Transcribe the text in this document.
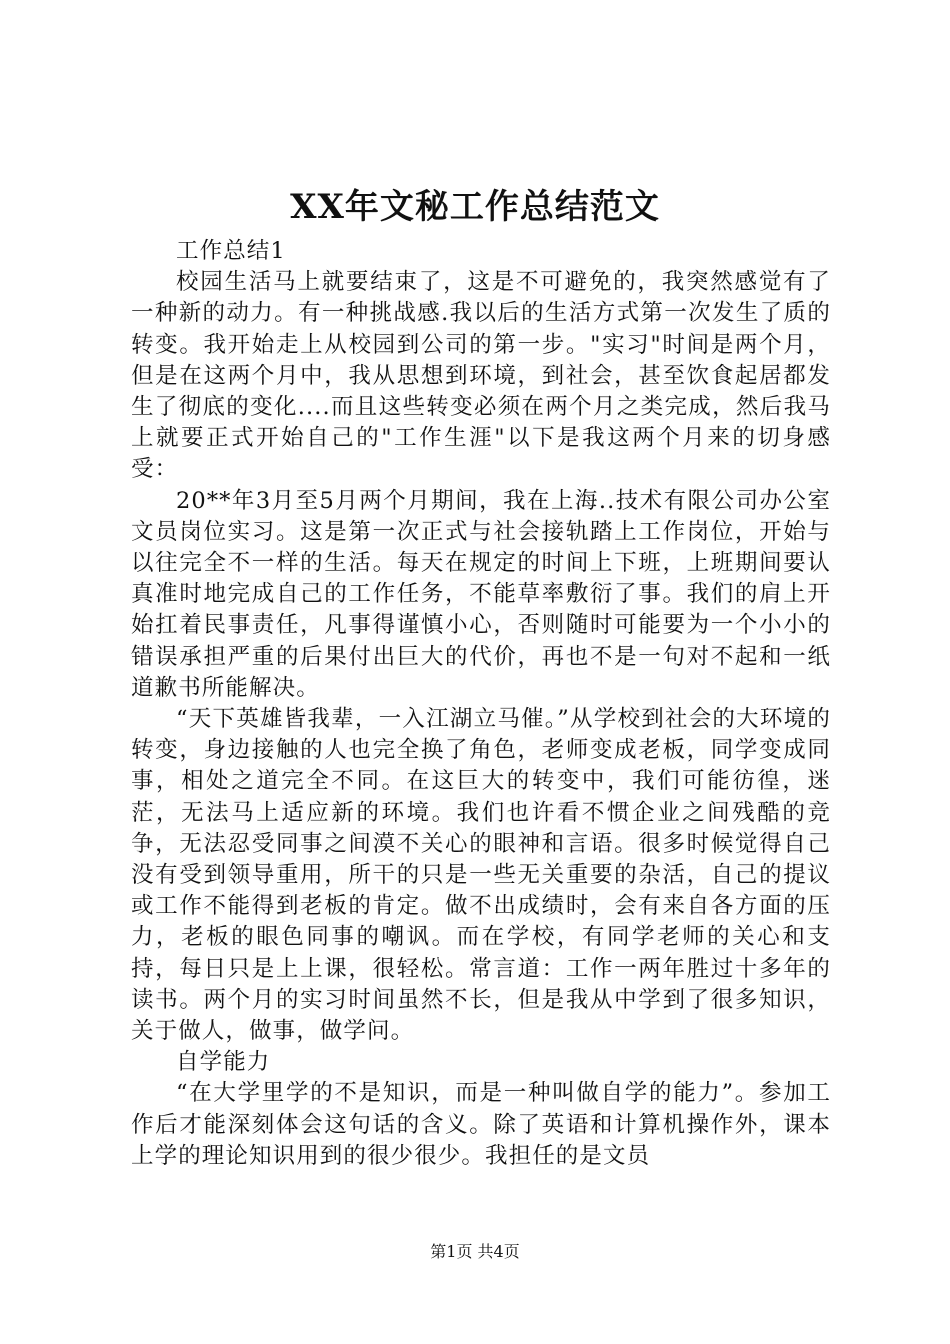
XX年文秘工作总结范文

工作总结1

校园生活马上就要结束了，这是不可避免的，我突然感觉有了一种新的动力。有一种挑战感.我以后的生活方式第一次发生了质的转变。我开始走上从校园到公司的第一步。"实习"时间是两个月，但是在这两个月中，我从思想到环境，到社会，甚至饮食起居都发生了彻底的变化....而且这些转变必须在两个月之类完成，然后我马上就要正式开始自己的"工作生涯"以下是我这两个月来的切身感受：

20**年3月至5月两个月期间，我在上海..技术有限公司办公室文员岗位实习。这是第一次正式与社会接轨踏上工作岗位，开始与以往完全不一样的生活。每天在规定的时间上下班，上班期间要认真准时地完成自己的工作任务，不能草率敷衍了事。我们的肩上开始扛着民事责任，凡事得谨慎小心，否则随时可能要为一个小小的错误承担严重的后果付出巨大的代价，再也不是一句对不起和一纸道歉书所能解决。

“天下英雄皆我辈，一入江湖立马催。”从学校到社会的大环境的转变，身边接触的人也完全换了角色，老师变成老板，同学变成同事，相处之道完全不同。在这巨大的转变中，我们可能彷徨，迷茫，无法马上适应新的环境。我们也许看不惯企业之间残酷的竞争，无法忍受同事之间漠不关心的眼神和言语。很多时候觉得自己没有受到领导重用，所干的只是一些无关重要的杂活，自己的提议或工作不能得到老板的肯定。做不出成绩时，会有来自各方面的压力，老板的眼色同事的嘲讽。而在学校，有同学老师的关心和支持，每日只是上上课，很轻松。常言道：工作一两年胜过十多年的读书。两个月的实习时间虽然不长，但是我从中学到了很多知识，关于做人，做事，做学问。

自学能力

“在大学里学的不是知识，而是一种叫做自学的能力”。参加工作后才能深刻体会这句话的含义。除了英语和计算机操作外，课本上学的理论知识用到的很少很少。我担任的是文员

第1页 共4页
